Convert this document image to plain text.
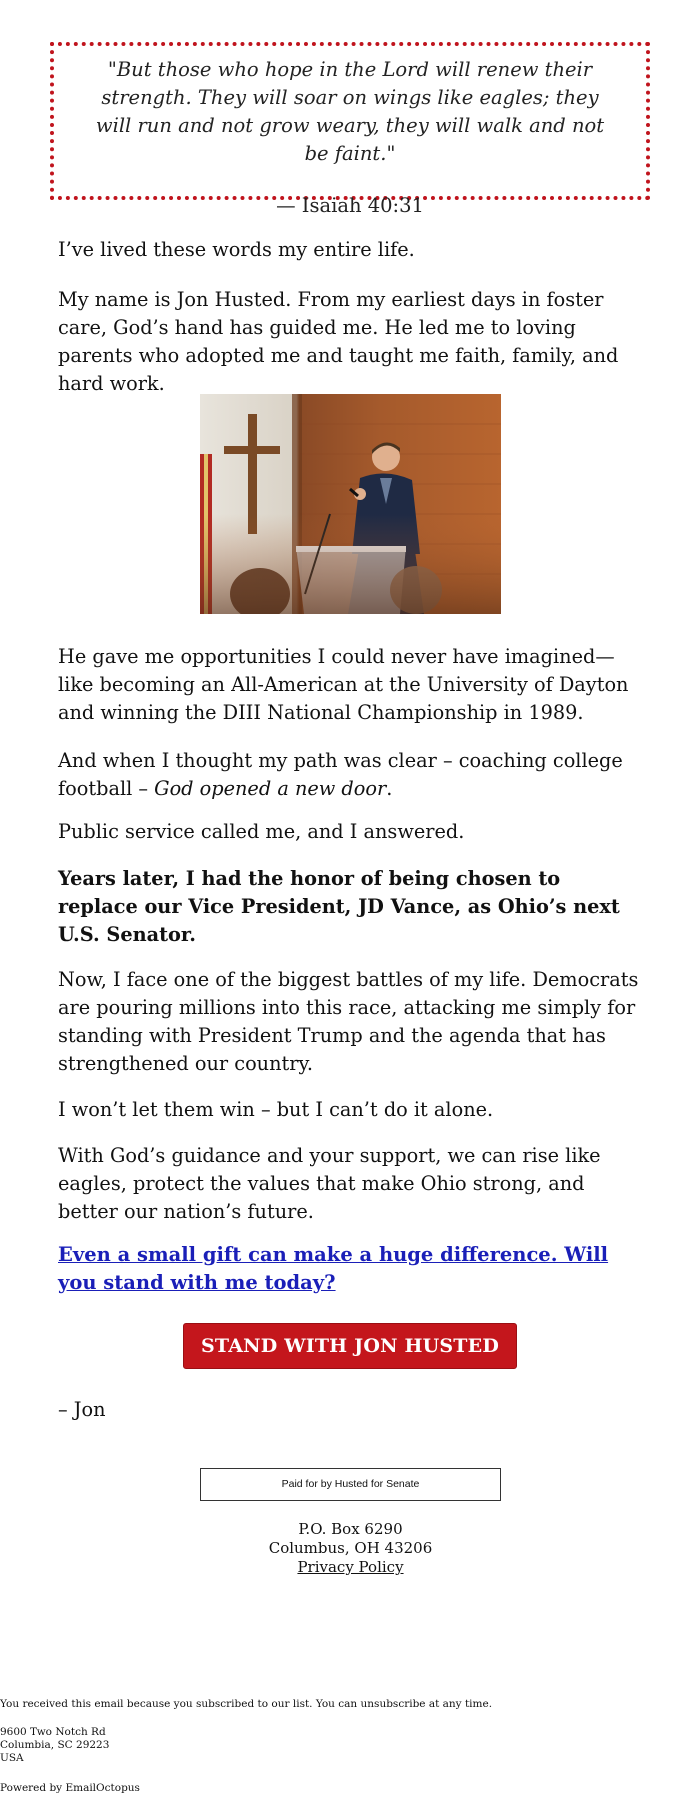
"But those who hope in the Lord will renew their strength. They will soar on wings like eagles; they will run and not grow weary, they will walk and not be faint."
— Isaiah 40:31

I’ve lived these words my entire life.

My name is Jon Husted. From my earliest days in foster care, God’s hand has guided me. He led me to loving parents who adopted me and taught me faith, family, and hard work.

He gave me opportunities I could never have imagined—like becoming an All-American at the University of Dayton and winning the DIII National Championship in 1989.

And when I thought my path was clear – coaching college football – God opened a new door.

Public service called me, and I answered.

Years later, I had the honor of being chosen to replace our Vice President, JD Vance, as Ohio’s next U.S. Senator.

Now, I face one of the biggest battles of my life. Democrats are pouring millions into this race, attacking me simply for standing with President Trump and the agenda that has strengthened our country.

I won’t let them win – but I can’t do it alone.

With God’s guidance and your support, we can rise like eagles, protect the values that make Ohio strong, and better our nation’s future.

Even a small gift can make a huge difference. Will you stand with me today?

STAND WITH JON HUSTED

– Jon

Paid for by Husted for Senate
P.O. Box 6290
Columbus, OH 43206
Privacy Policy
You received this email because you subscribed to our list. You can unsubscribe at any time.
9600 Two Notch Rd
Columbia, SC 29223
USA
Powered by EmailOctopus
